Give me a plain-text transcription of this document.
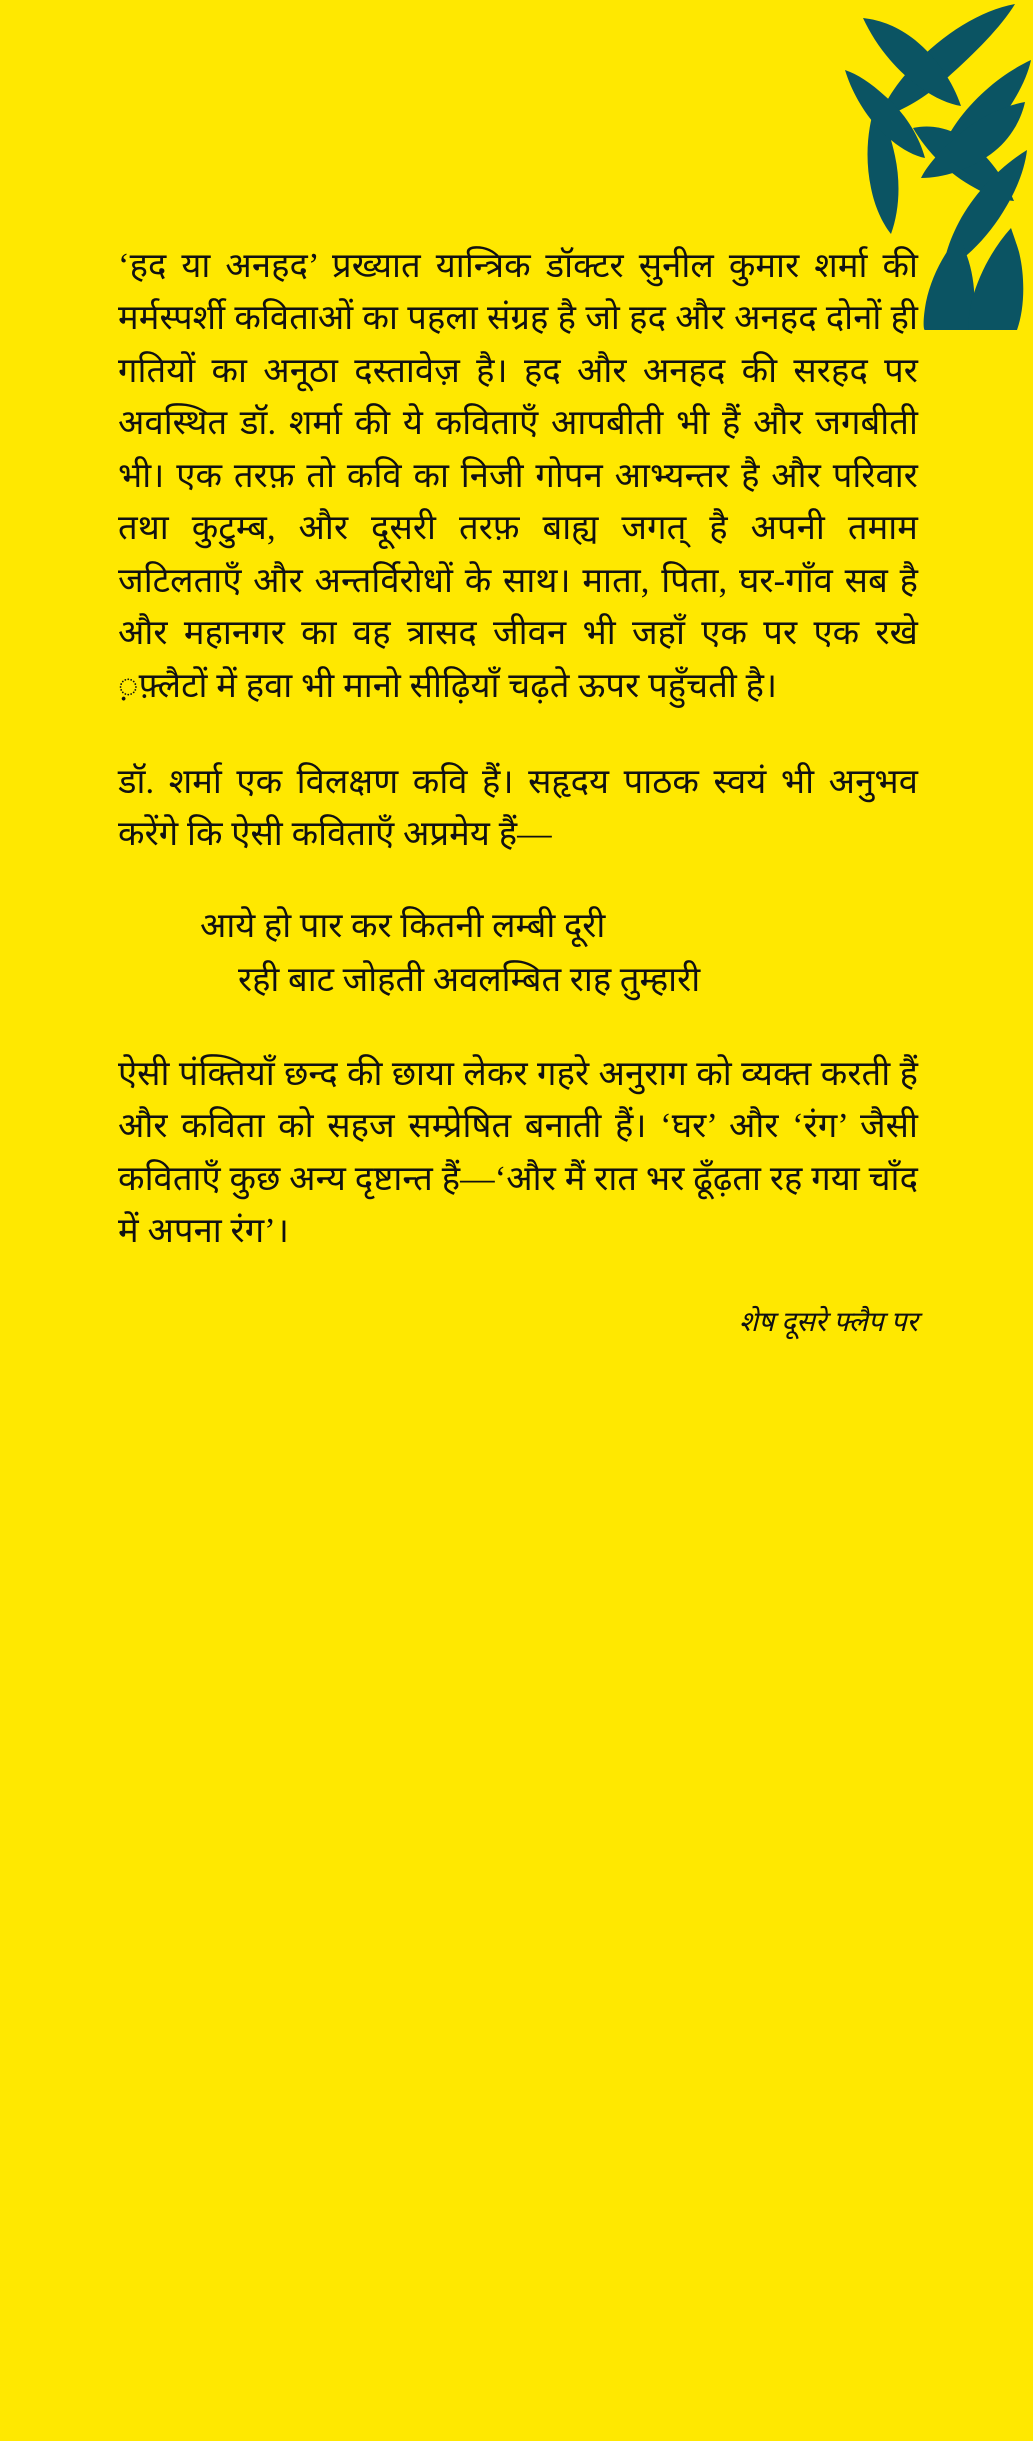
‘हद या अनहद’ प्रख्यात यान्त्रिक डॉक्टर सुनील कुमार शर्मा की मर्मस्पर्शी कविताओं का पहला संग्रह है जो हद और अनहद दोनों ही गतियों का अनूठा दस्तावेज़ है। हद और अनहद की सरहद पर अवस्थित डॉ. शर्मा की ये कविताएँ आपबीती भी हैं और जगबीती भी। एक तरफ़ तो कवि का निजी गोपन आभ्यन्तर है और परिवार तथा कुटुम्ब, और दूसरी तरफ़ बाह्य जगत् है अपनी तमाम जटिलताएँ और अन्तर्विरोधों के साथ। माता, पिता, घर-गाँव सब है और महानगर का वह त्रासद जीवन भी जहाँ एक पर एक रखे ़फ़्लैटों में हवा भी मानो सीढ़ियाँ चढ़ते ऊपर पहुँचती है।

डॉ. शर्मा एक विलक्षण कवि हैं। सहृदय पाठक स्वयं भी अनुभव करेंगे कि ऐसी कविताएँ अप्रमेय हैं—

आये हो पार कर कितनी लम्बी दूरी
रही बाट जोहती अवलम्बित राह तुम्हारी

ऐसी पंक्तियाँ छन्द की छाया लेकर गहरे अनुराग को व्यक्त करती हैं और कविता को सहज सम्प्रेषित बनाती हैं। ‘घर’ और ‘रंग’ जैसी कविताएँ कुछ अन्य दृष्टान्त हैं—‘और मैं रात भर ढूँढ़ता रह गया चाँद में अपना रंग’।

शेष दूसरे फ्लैप पर
